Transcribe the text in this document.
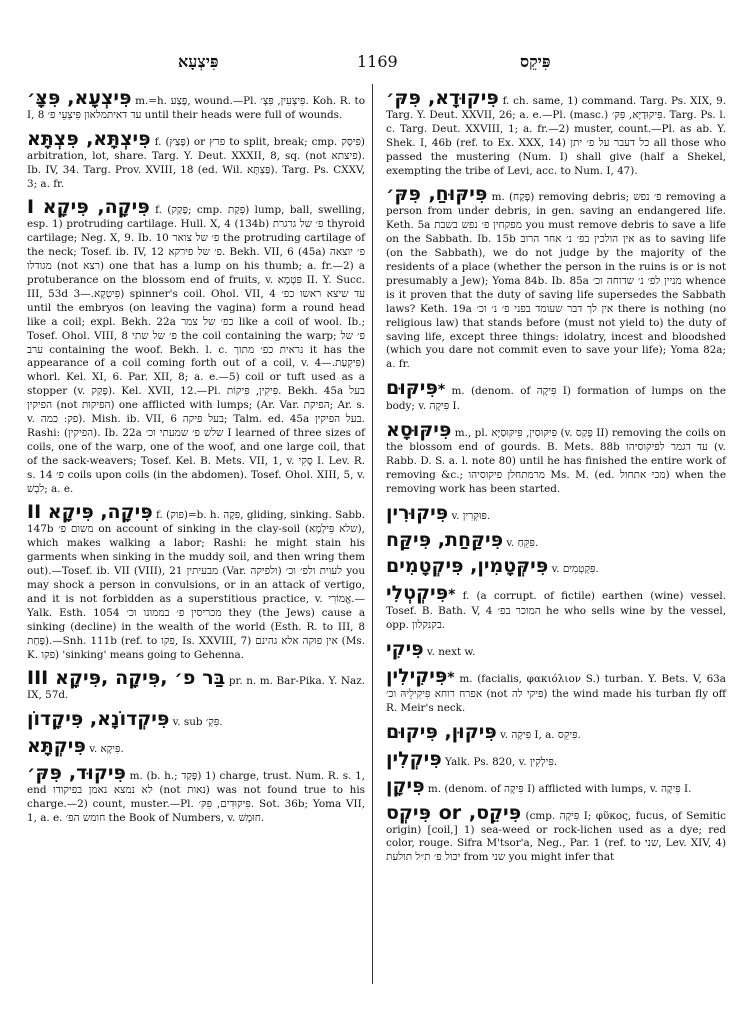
פִּיצְעָא	1169	פִּיקֵס

פִּיצְעָא, פִּצָּ׳ m.=h. פֶּצַע, wound.—Pl. פִּיצְעִין, פִּצְ׳. Koh. R. to I, 8 עד דאיתמלאון פִּיצְעֵי פ׳ until their heads were full of wounds.

פִּיצְתָּא, פִּצְתָּא f. (פָּצַץ) or פרץ to split, break; cmp. פִּיסְּק) arbitration, lot, share. Targ. Y. Deut. XXXII, 8, sq. (not פיצתא). Ib. IV, 34. Targ. Prov. XVIII, 18 (ed. Wil. פַּצְתָּא). Targ. Ps. CXXV, 3; a. fr.

פִּיקָה, פִּיקָא I f. (פָּקַק; cmp. פְּקַת) lump, ball, swelling, esp. 1) protruding cartilage. Hull. X, 4 (134b) פ׳ של גרגרת thyroid cartilage; Neg. X, 9. Ib. 10 פ׳ של צואר the protruding cartilage of the neck; Tosef. ib. IV, 12 פ׳ של פירקא. Bekh. VII, 6 (45a) פ׳ יוצאה מגודלו (not רצא) one that has a lump on his thumb; a. fr.—2) a protuberance on the blossom end of fruits, v. פִּטְמָא II. Y. Succ. III, 53d פִּיטְקָא.—3) spinner's coil. Ohol. VII, 4 עד שיצא ראשו כפ׳ until the embryos (on leaving the vagina) form a round head like a coil; expl. Bekh. 22a כפ׳ של צמר like a coil of wool. Ib.; Tosef. Ohol. VIII, 8 פ׳ של שתי the coil containing the warp; פ׳ של ערב containing the woof. Bekh. l. c. נראית כפ׳ מתוך it has the appearance of a coil coming forth out of a coil, v. פִּיקְעַת.—4) whorl. Kel. XI, 6. Par. XII, 8; a. e.—5) coil or tuft used as a stopper (v. פָּקַק). Kel. XVII, 12.—Pl. פִּיקִין, פִּיקוֹת. Bekh. 45a בעל הפיקין (not הפיקות) one afflicted with lumps; (Ar. Var. הפיקת; Ar. s. v. פק: כמה). Mish. ib. VII, 6 בעל פיקה; Talm. ed. 45a בעל הפיקין. Rashi: (הפיקין). Ib. 22a שלש פ׳ שמעתי וכ׳ I learned of three sizes of coils, one of the warp, one of the woof, and one large coil, that of the sack-weavers; Tosef. Kel. B. Mets. VII, 1, v. סֶקִי I. Lev. R. s. 14 פ׳ coils upon coils (in the abdomen). Tosef. Ohol. XIII, 5, v. לִבְשׁ; a. e.

פִּיקָה, פִּיקָא II f. (פוק)=b. h. פִּקָה, gliding, sinking. Sabb. 147b משום פ׳ on account of sinking in the clay-soil (שלא פִּילְמָא), which makes walking a labor; Rashi: he might stain his garments when sinking in the muddy soil, and then wring them out).—Tosef. ib. VII (VIII), 21 מבעיתין (Var. ולפיקה) לעוית ולפ׳ וכ׳ you may shock a person in convulsions, or in an attack of vertigo, and it is not forbidden as a superstitious practice, v. אֱמוֹרִי.—Yalk. Esth. 1054 מכריסין פ׳ בממונו וכ׳ they (the Jews) cause a sinking (decline) in the wealth of the world (Esth. R. to III, 8 פַּחַת).—Snh. 111b (ref. to פקו, Is. XXVIII, 7) אין פוקה אלא גהינם (Ms. K. פקו) 'sinking' means going to Gehenna.

בַּר פ׳ ,פִּיקָה ,פִּיקָא III pr. n. m. Bar-Pika. Y. Naz. IX, 57d.

פִּיקְדוֹנָא, פִּיקָדוֹן v. sub פִּקְ׳.

פִּיקְתָּא v. פִּיקָא.

פִּיקוּד, פִּקּ׳ m. (b. h.; פָּקַד) 1) charge, trust. Num. R. s. 1, end לא נמצא נאמן בפיקודו (not נאות) was not found true to his charge.—2) count, muster.—Pl. פִּיקוּדִים, פִּקּ׳. Sot. 36b; Yoma VII, 1, a. e. חומש הפ׳ the Book of Numbers, v. חוּמָשׁ.

פִּיקוּדָא, פִּקּ׳ f. ch. same, 1) command. Targ. Ps. XIX, 9. Targ. Y. Deut. XXVII, 26; a. e.—Pl. (masc.) פִּיקוּדַיָּא, פִּקּ׳. Targ. Ps. l. c. Targ. Deut. XXVIII, 1; a. fr.—2) muster, count.—Pl. as ab. Y. Shek. I, 46b (ref. to Ex. XXX, 14) כל דעבר על פ׳ יתן all those who passed the mustering (Num. I) shall give (half a Shekel, exempting the tribe of Levi, acc. to Num. I, 47).

פִּיקּוּחַ, פִּקּ׳ m. (פָּקַח) removing debris; פ׳ נפש removing a person from under debris, in gen. saving an endangered life. Keth. 5a מפקחין פ׳ נפש בשבת you must remove debris to save a life on the Sabbath. Ib. 15b אין הולכין בפ׳ נ׳ אחר הרוב as to saving life (on the Sabbath), we do not judge by the majority of the residents of a place (whether the person in the ruins is or is not presumably a Jew); Yoma 84b. Ib. 85a מניין לפ׳ נ׳ שדוחה וכ׳ whence is it proven that the duty of saving life supersedes the Sabbath laws? Keth. 19a אין לך דבר שעומד בפני פ׳ נ׳ וכ׳ there is nothing (no religious law) that stands before (must not yield to) the duty of saving life, except three things: idolatry, incest and bloodshed (which you dare not commit even to save your life); Yoma 82a; a. fr.

* פִּיקּוּם m. (denom. of פִּיקָה I) formation of lumps on the body; v. פִּיקָה I.

פִּיקּוּסָא m., pl. פִּיקּוּסִין, פִּיקּוּסַיָּא (v. פָּקַס II) removing the coils on the blossom end of gourds. B. Mets. 88b עד דגמר לפיקוסיהו (v. Rabb. D. S. a. l. note 80) until he has finished the entire work of removing &c.; מרמתחלן פיקוסיהו Ms. M. (ed. מכי אתחול) when the removing work has been started.

פִּיקוּרִין v. פּוּקְרִין.

פִּיקַּחַת, פִּיקַּח v. פִּקֵּחַ.

פִּיקְּטָמִין, פִּיקְטָמִים v. פִּקְטְמִים.

* פִּיקְטְלִי f. (a corrupt. of fictile) earthen (wine) vessel. Tosef. B. Bath. V, 4 המוכר בפ׳ he who sells wine by the vessel, opp. בקנקלון.

פִּיקִי v. next w.

* פִּיקִילִין m. (facialis, φακιόλιον S.) turban. Y. Bets. V, 63a אפרח רוחא פִּיקִילֵיהּ וכ׳ (not פיקי לה) the wind made his turban fly off R. Meir's neck.

פִּיקוּן, פִּיקוּם v. פִּיקָה I, a. פִּיקֵס.

פִּיקְלִין Yalk. Ps. 820, v. פִּילְקִין.

פִּיקָן m. (denom. of פִּיקָה I) afflicted with lumps, v. פִּיקָה I.

פִּיקֵס, or פִּיקְס (cmp. פִּיקָה I; φῦκος, fucus, of Semitic origin) [coil,] 1) sea-weed or rock-lichen used as a dye; red color, rouge. Sifra M'tsor'a, Neg., Par. 1 (ref. to שני, Lev. XIV, 4) יכול פ׳ ת״ל תולעת from שני you might infer that
